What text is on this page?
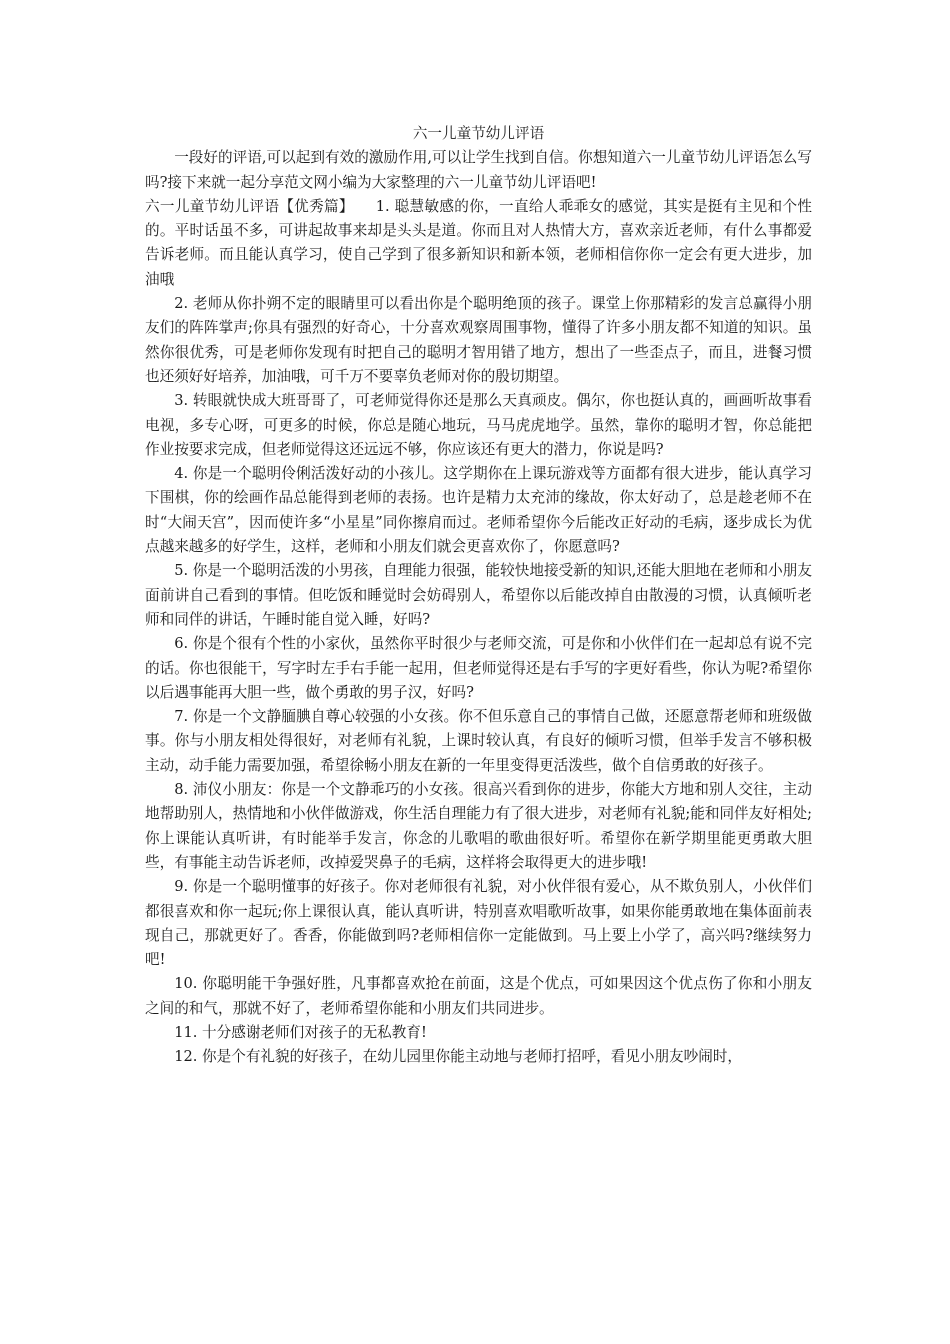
六一儿童节幼儿评语

一段好的评语,可以起到有效的激励作用,可以让学生找到自信。你想知道六一儿童节幼儿评语怎么写吗?接下来就一起分享范文网小编为大家整理的六一儿童节幼儿评语吧!

六一儿童节幼儿评语【优秀篇】 1. 聪慧敏感的你，一直给人乖乖女的感觉，其实是挺有主见和个性的。平时话虽不多，可讲起故事来却是头头是道。你而且对人热情大方，喜欢亲近老师，有什么事都爱告诉老师。而且能认真学习，使自己学到了很多新知识和新本领，老师相信你你一定会有更大进步，加油哦

2. 老师从你扑朔不定的眼睛里可以看出你是个聪明绝顶的孩子。课堂上你那精彩的发言总赢得小朋友们的阵阵掌声;你具有强烈的好奇心，十分喜欢观察周围事物，懂得了许多小朋友都不知道的知识。虽然你很优秀，可是老师你发现有时把自己的聪明才智用错了地方，想出了一些歪点子，而且，进餐习惯也还须好好培养，加油哦，可千万不要辜负老师对你的殷切期望。

3. 转眼就快成大班哥哥了，可老师觉得你还是那么天真顽皮。偶尔，你也挺认真的，画画听故事看电视，多专心呀，可更多的时候，你总是随心地玩，马马虎虎地学。虽然，靠你的聪明才智，你总能把作业按要求完成，但老师觉得这还远远不够，你应该还有更大的潜力，你说是吗?

4. 你是一个聪明伶俐活泼好动的小孩儿。这学期你在上课玩游戏等方面都有很大进步，能认真学习下围棋，你的绘画作品总能得到老师的表扬。也许是精力太充沛的缘故，你太好动了，总是趁老师不在时“大闹天宫”，因而使许多“小星星”同你擦肩而过。老师希望你今后能改正好动的毛病，逐步成长为优点越来越多的好学生，这样，老师和小朋友们就会更喜欢你了，你愿意吗?

5. 你是一个聪明活泼的小男孩，自理能力很强，能较快地接受新的知识,还能大胆地在老师和小朋友面前讲自己看到的事情。但吃饭和睡觉时会妨碍别人，希望你以后能改掉自由散漫的习惯，认真倾听老师和同伴的讲话，午睡时能自觉入睡，好吗?

6. 你是个很有个性的小家伙，虽然你平时很少与老师交流，可是你和小伙伴们在一起却总有说不完的话。你也很能干，写字时左手右手能一起用，但老师觉得还是右手写的字更好看些，你认为呢?希望你以后遇事能再大胆一些，做个勇敢的男子汉，好吗?

7. 你是一个文静腼腆自尊心较强的小女孩。你不但乐意自己的事情自己做，还愿意帮老师和班级做事。你与小朋友相处得很好，对老师有礼貌，上课时较认真，有良好的倾听习惯，但举手发言不够积极主动，动手能力需要加强，希望徐畅小朋友在新的一年里变得更活泼些，做个自信勇敢的好孩子。

8. 沛仪小朋友：你是一个文静乖巧的小女孩。很高兴看到你的进步，你能大方地和别人交往，主动地帮助别人，热情地和小伙伴做游戏，你生活自理能力有了很大进步，对老师有礼貌;能和同伴友好相处;你上课能认真听讲，有时能举手发言，你念的儿歌唱的歌曲很好听。希望你在新学期里能更勇敢大胆些，有事能主动告诉老师，改掉爱哭鼻子的毛病，这样将会取得更大的进步哦!

9. 你是一个聪明懂事的好孩子。你对老师很有礼貌，对小伙伴很有爱心，从不欺负别人，小伙伴们都很喜欢和你一起玩;你上课很认真，能认真听讲，特别喜欢唱歌听故事，如果你能勇敢地在集体面前表现自己，那就更好了。香香，你能做到吗?老师相信你一定能做到。马上要上小学了，高兴吗?继续努力吧!

10. 你聪明能干争强好胜，凡事都喜欢抢在前面，这是个优点，可如果因这个优点伤了你和小朋友之间的和气，那就不好了，老师希望你能和小朋友们共同进步。

11. 十分感谢老师们对孩子的无私教育!

12. 你是个有礼貌的好孩子，在幼儿园里你能主动地与老师打招呼，看见小朋友吵闹时，
